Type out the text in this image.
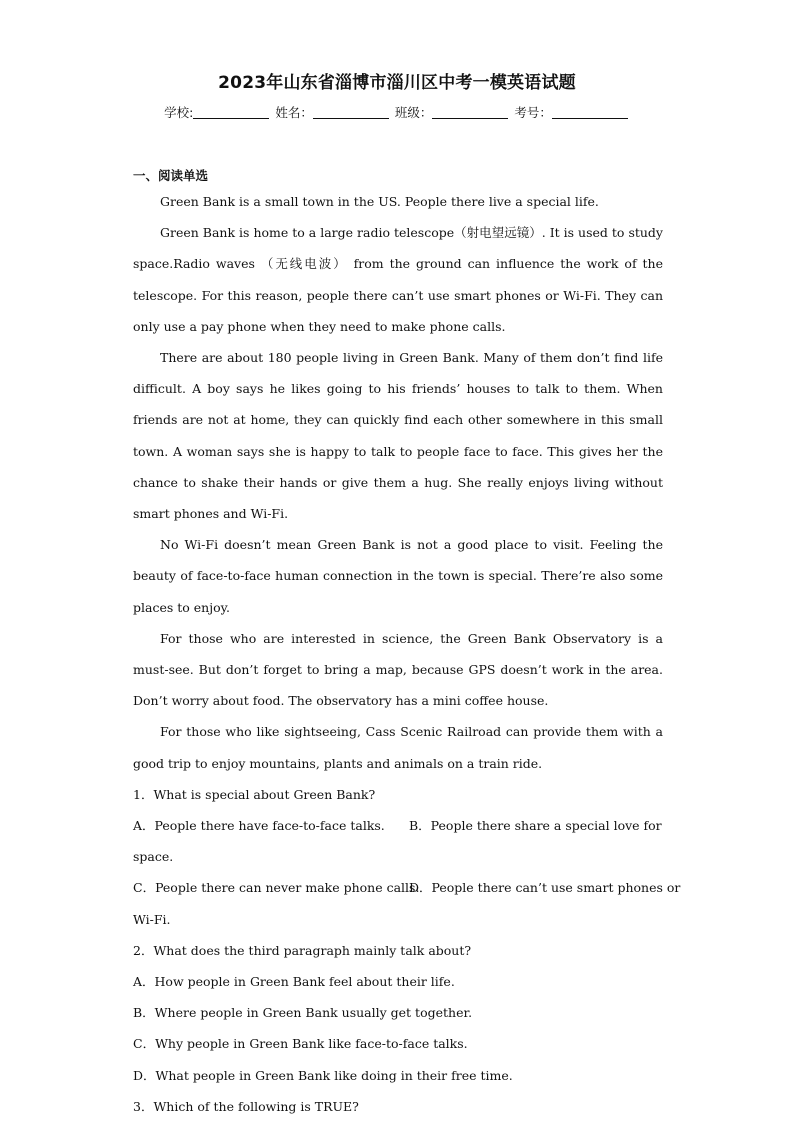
2023年山东省淄博市淄川区中考一模英语试题
学校:	姓名：	班级：	考号：
一、阅读单选

Green Bank is a small town in the US. People there live a special life.

Green Bank is home to a large radio telescope（射电望远镜）. It is used to study space.Radio waves （无线电波） from the ground can influence the work of the telescope. For this reason, people there can’t use smart phones or Wi-Fi. They can only use a pay phone when they need to make phone calls.

There are about 180 people living in Green Bank. Many of them don’t find life difficult. A boy says he likes going to his friends’ houses to talk to them. When friends are not at home, they can quickly find each other somewhere in this small town. A woman says she is happy to talk to people face to face. This gives her the chance to shake their hands or give them a hug. She really enjoys living without smart phones and Wi-Fi.

No Wi-Fi doesn’t mean Green Bank is not a good place to visit. Feeling the beauty of face-to-face human connection in the town is special. There’re also some places to enjoy.

For those who are interested in science, the Green Bank Observatory is a must-see. But don’t forget to bring a map, because GPS doesn’t work in the area. Don’t worry about food. The observatory has a mini coffee house.

For those who like sightseeing, Cass Scenic Railroad can provide them with a good trip to enjoy mountains, plants and animals on a train ride.

1．What is special about Green Bank?

A．People there have face-to-face talks. B．People there share a special love for

space.

C．People there can never make phone calls.
D．People there can’t use smart phones or

Wi-Fi.

2．What does the third paragraph mainly talk about?

A．How people in Green Bank feel about their life.

B．Where people in Green Bank usually get together.

C．Why people in Green Bank like face-to-face talks.

D．What people in Green Bank like doing in their free time.

3．Which of the following is TRUE?
